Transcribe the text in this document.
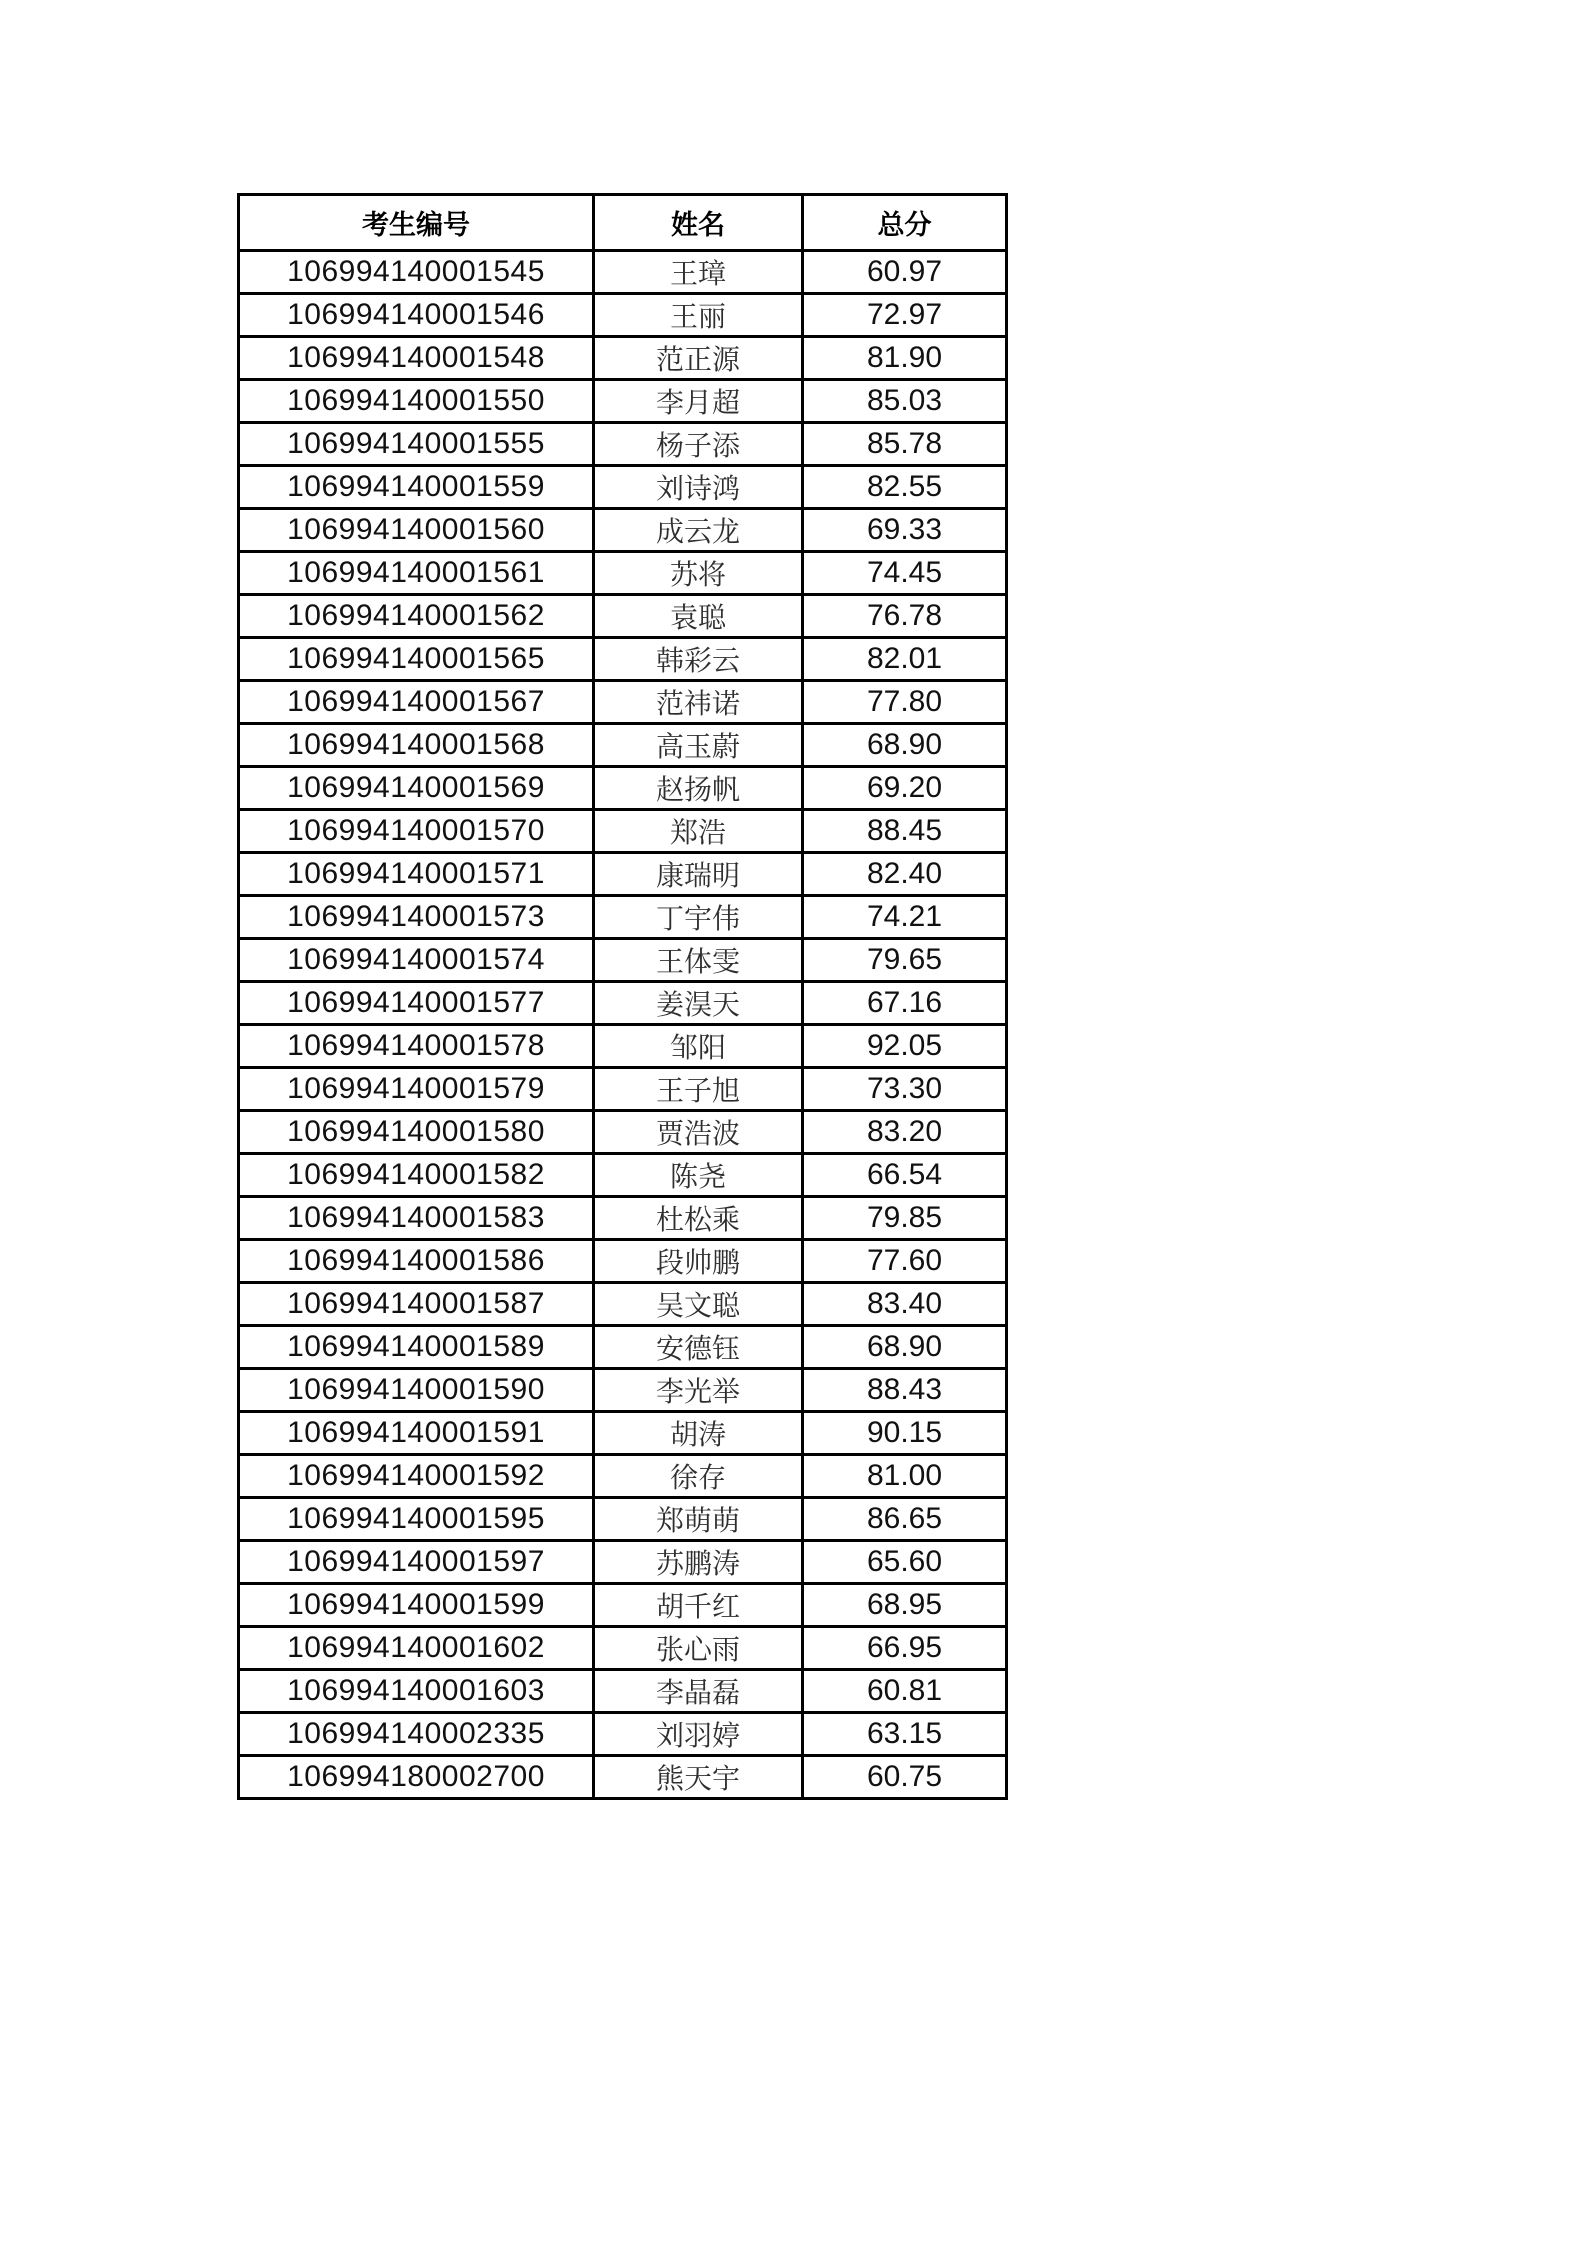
考生编号	姓名	总分
106994140001545	王璋	60.97
106994140001546	王丽	72.97
106994140001548	范正源	81.90
106994140001550	李月超	85.03
106994140001555	杨子添	85.78
106994140001559	刘诗鸿	82.55
106994140001560	成云龙	69.33
106994140001561	苏将	74.45
106994140001562	袁聪	76.78
106994140001565	韩彩云	82.01
106994140001567	范祎诺	77.80
106994140001568	高玉蔚	68.90
106994140001569	赵扬帆	69.20
106994140001570	郑浩	88.45
106994140001571	康瑞明	82.40
106994140001573	丁宇伟	74.21
106994140001574	王体雯	79.65
106994140001577	姜淏天	67.16
106994140001578	邹阳	92.05
106994140001579	王子旭	73.30
106994140001580	贾浩波	83.20
106994140001582	陈尧	66.54
106994140001583	杜松乘	79.85
106994140001586	段帅鹏	77.60
106994140001587	吴文聪	83.40
106994140001589	安德钰	68.90
106994140001590	李光举	88.43
106994140001591	胡涛	90.15
106994140001592	徐存	81.00
106994140001595	郑萌萌	86.65
106994140001597	苏鹏涛	65.60
106994140001599	胡千红	68.95
106994140001602	张心雨	66.95
106994140001603	李晶磊	60.81
106994140002335	刘羽婷	63.15
106994180002700	熊天宇	60.75
